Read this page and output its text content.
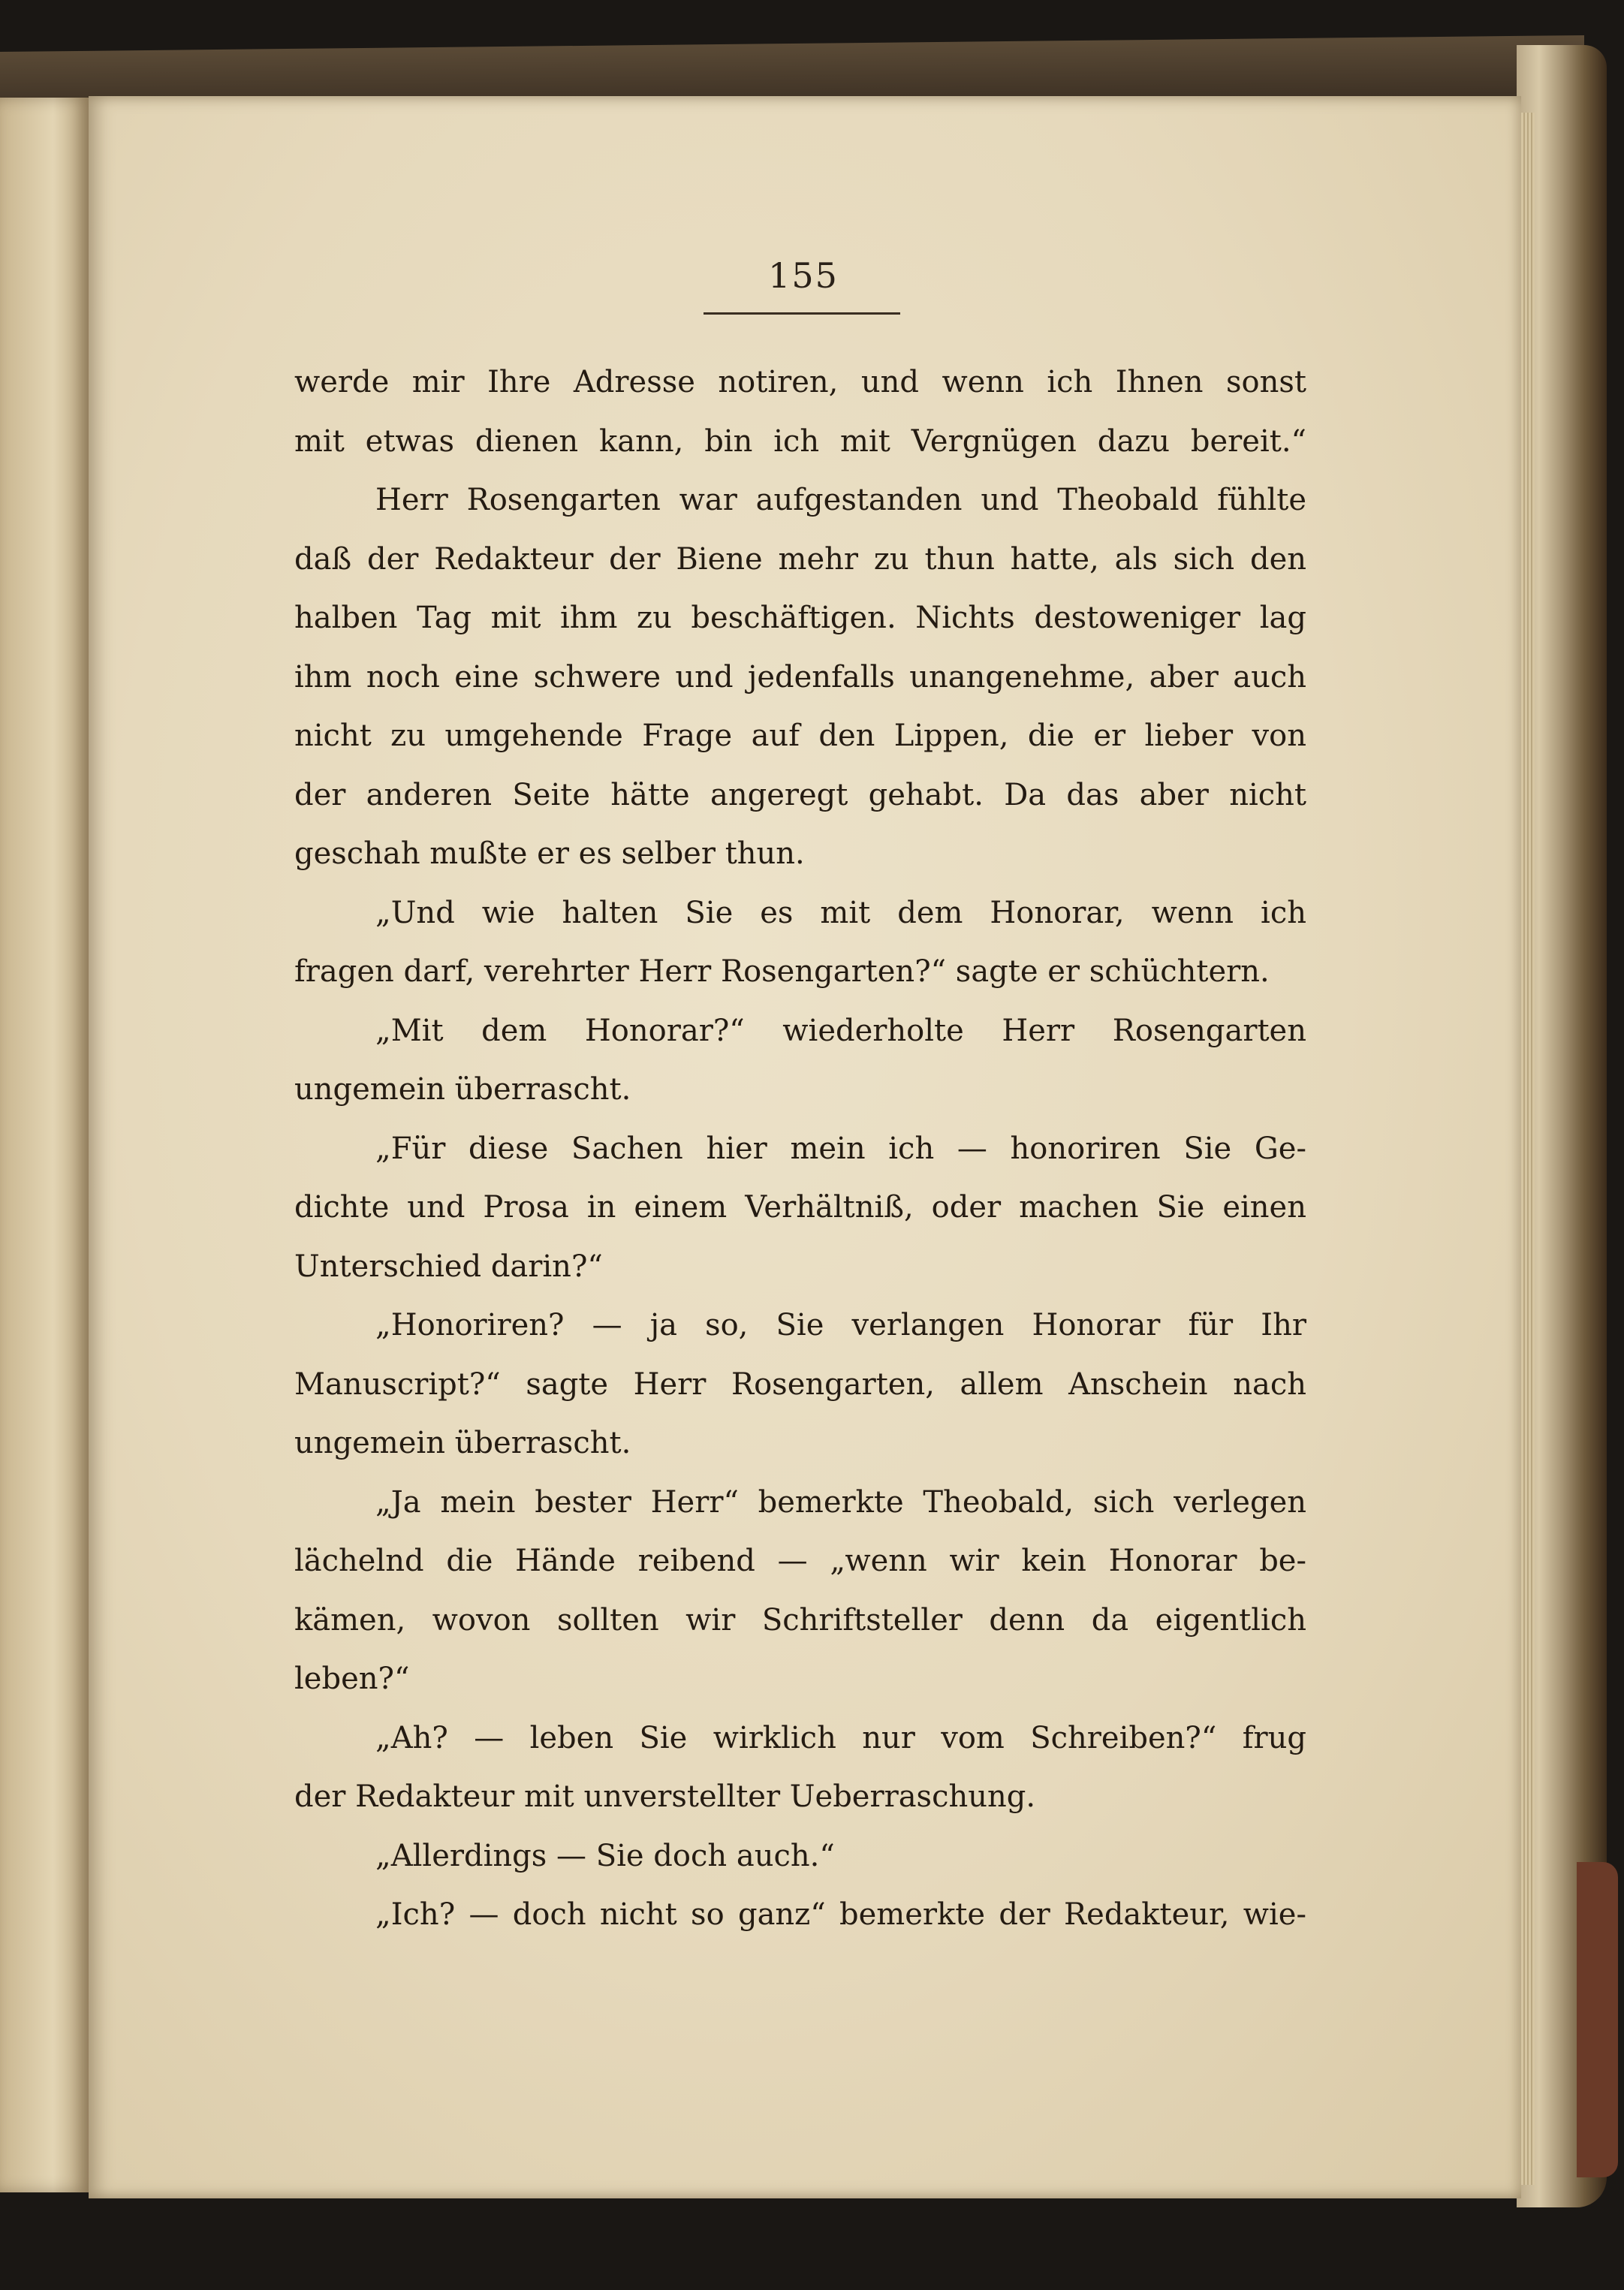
155
werde mir Ihre Adresse notiren, und wenn ich Ihnen sonst
mit etwas dienen kann, bin ich mit Vergnügen dazu bereit.“
Herr Rosengarten war aufgestanden und Theobald fühlte
daß der Redakteur der Biene mehr zu thun hatte, als sich den
halben Tag mit ihm zu beschäftigen. Nichts destoweniger lag
ihm noch eine schwere und jedenfalls unangenehme, aber auch
nicht zu umgehende Frage auf den Lippen, die er lieber von
der anderen Seite hätte angeregt gehabt. Da das aber nicht
geschah mußte er es selber thun.
„Und wie halten Sie es mit dem Honorar, wenn ich
fragen darf, verehrter Herr Rosengarten?“ sagte er schüchtern.
„Mit dem Honorar?“ wiederholte Herr Rosengarten
ungemein überrascht.
„Für diese Sachen hier mein ich — honoriren Sie Ge-
dichte und Prosa in einem Verhältniß, oder machen Sie einen
Unterschied darin?“
„Honoriren? — ja so, Sie verlangen Honorar für Ihr
Manuscript?“ sagte Herr Rosengarten, allem Anschein nach
ungemein überrascht.
„Ja mein bester Herr“ bemerkte Theobald, sich verlegen
lächelnd die Hände reibend — „wenn wir kein Honorar be-
kämen, wovon sollten wir Schriftsteller denn da eigentlich
leben?“
„Ah? — leben Sie wirklich nur vom Schreiben?“ frug
der Redakteur mit unverstellter Ueberraschung.
„Allerdings — Sie doch auch.“
„Ich? — doch nicht so ganz“ bemerkte der Redakteur, wie-
